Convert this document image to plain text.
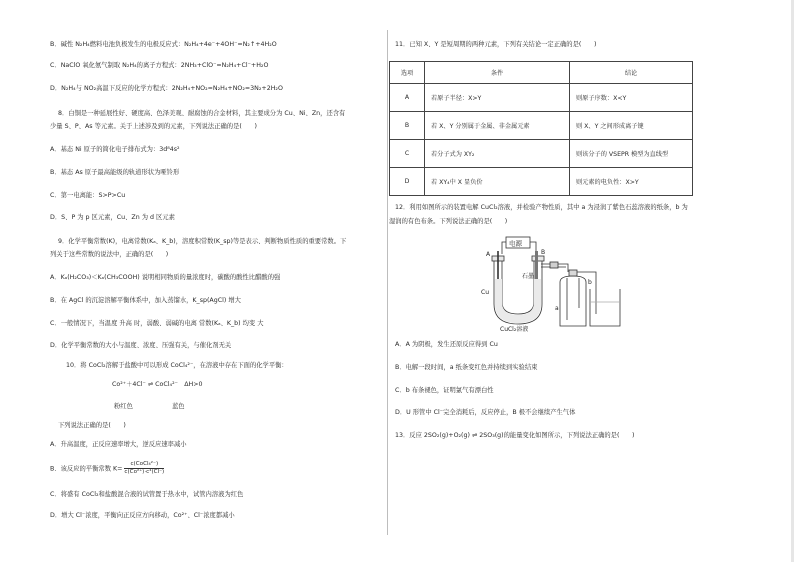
B．碱性 N₂H₄燃料电池负极发生的电极反应式：N₂H₄+4e⁻+4OH⁻=N₂↑+4H₂O
C．NaClO 氧化氨气制取 N₂H₄的离子方程式：2NH₃+ClO⁻=N₂H₄+Cl⁻+H₂O
D．N₂H₄与 NO₂高温下反应的化学方程式：2N₂H₄+NO₂=N₂H₄+NO₂=3N₂+2H₂O
8．白铜是一种延展性好、硬度高、色泽美观、耐腐蚀的合金材料，其主要成分为 Cu、Ni、Zn，还含有
少量 S、P、As 等元素。关于上述涉及到的元素，下列说法正确的是(　　)
A．基态 Ni 原子的简化电子排布式为：3d⁸4s²
B．基态 As 原子最高能级的轨道形状为哑铃形
C．第一电离能：S>P>Cu
D．S、P 为 p 区元素，Cu、Zn 为 d 区元素
9．化学平衡常数(K)，电离常数(Kₐ、K_b)，溶度积常数(K_sp)等是表示、判断物质性质的重要常数。下
列关于这些常数的说法中，正确的是(　　)
A．Kₐ(H₂CO₃)＜Kₐ(CH₃COOH) 说明相同物质的量浓度时，碳酸的酸性比醋酸的强
B．在 AgCl 的沉淀溶解平衡体系中，加入蒸馏水，K_sp(AgCl) 增大
C．一般情况下，当温度 升高 时，弱酸、弱碱的电离 常数(Kₐ、K_b) 均变 大
D．化学平衡常数的大小与温度、浓度、压强有关，与催化剂无关
10．将 CoCl₂溶解于盐酸中可以形成 CoCl₄²⁻，在溶液中存在下面的化学平衡：
Co²⁺＋4Cl⁻ ⇌ CoCl₄²⁻　ΔH>0
粉红色	蓝色
下列说法正确的是(　　)
A．升高温度，正反应速率增大，逆反应速率减小
B．该反应的平衡常数 $K= \frac{\text{c(CoCl₄²⁻)}}{\text{c(Co²⁺)·c⁴(Cl⁻)}}$
C．将盛有 CoCl₂和盐酸混合液的试管置于热水中，试管内溶液为红色
D．增大 Cl⁻浓度，平衡向正反应方向移动，Co²⁺、Cl⁻浓度都减小
11．已知 X、Y 是短周期的两种元素，下列有关结论一定正确的是(　　)
选项	条件	结论
A	若原子半径：X>Y	则原子序数：X<Y
B	若 X、Y 分别属于金属、非金属元素	则 X、Y 之间形成离子键
C	若分子式为 XY₂	则该分子的 VSEPR 模型为直线型
D	若 XY₄中 X 显负价	则元素的电负性：X>Y
12．利用如图所示的装置电解 CuCl₂溶液，并检验产物性质，其中 a 为浸润了紫色石蕊溶液的纸条，b 为
湿润的有色布条。下列说法正确的是(　　)
电源
A	B
Cu
石墨
CuCl₂溶液
a
b
A．A 为阴极，发生还原反应得到 Cu
B．电解一段时间，a 纸条变红色并持续到实验结束
C．b 布条褪色，证明氯气有漂白性
D．U 形管中 Cl⁻完全消耗后，反应停止，B 极不会继续产生气体
13．反应 2SO₂(g)+O₂(g) ⇌ 2SO₃(g)的能量变化如图所示，下列说法正确的是(　　)
